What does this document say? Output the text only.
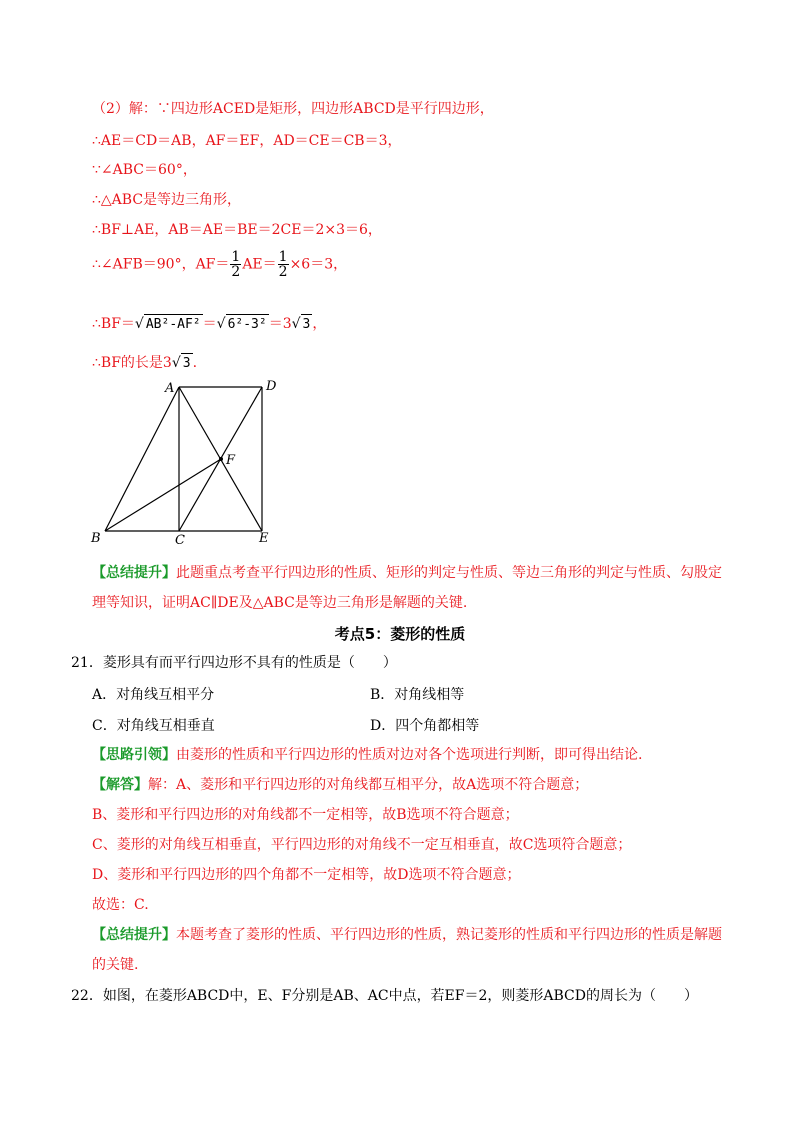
（2）解：∵四边形ACED是矩形，四边形ABCD是平行四边形，
∴AE＝CD＝AB，AF＝EF，AD＝CE＝CB＝3，
∵∠ABC＝60°，
∴△ABC是等边三角形，
∴BF⊥AE，AB＝AE＝BE＝2CE＝2×3＝6，
∴∠AFB＝90°，$AF= \frac{1}{2} AE= \frac{1}{2} \times 6=3$，
∴BF＝√ AB²-AF² ＝√ 6²-3² ＝3√ 3 ，
∴BF的长是3√ 3 .
A	D
F
B	C	E
【总结提升】此题重点考查平行四边形的性质、矩形的判定与性质、等边三角形的判定与性质、勾股定
理等知识，证明AC∥DE及△ABC是等边三角形是解题的关键.
考点5：菱形的性质
21．菱形具有而平行四边形不具有的性质是（　　）
A．对角线互相平分	B．对角线相等
C．对角线互相垂直	D．四个角都相等
【思路引领】由菱形的性质和平行四边形的性质对边对各个选项进行判断，即可得出结论.
【解答】解：A、菱形和平行四边形的对角线都互相平分，故A选项不符合题意；
B、菱形和平行四边形的对角线都不一定相等，故B选项不符合题意；
C、菱形的对角线互相垂直，平行四边形的对角线不一定互相垂直，故C选项符合题意；
D、菱形和平行四边形的四个角都不一定相等，故D选项不符合题意；
故选：C.
【总结提升】本题考查了菱形的性质、平行四边形的性质，熟记菱形的性质和平行四边形的性质是解题
的关键.
22．如图，在菱形ABCD中，E、F分别是AB、AC中点，若EF＝2，则菱形ABCD的周长为（　　）
